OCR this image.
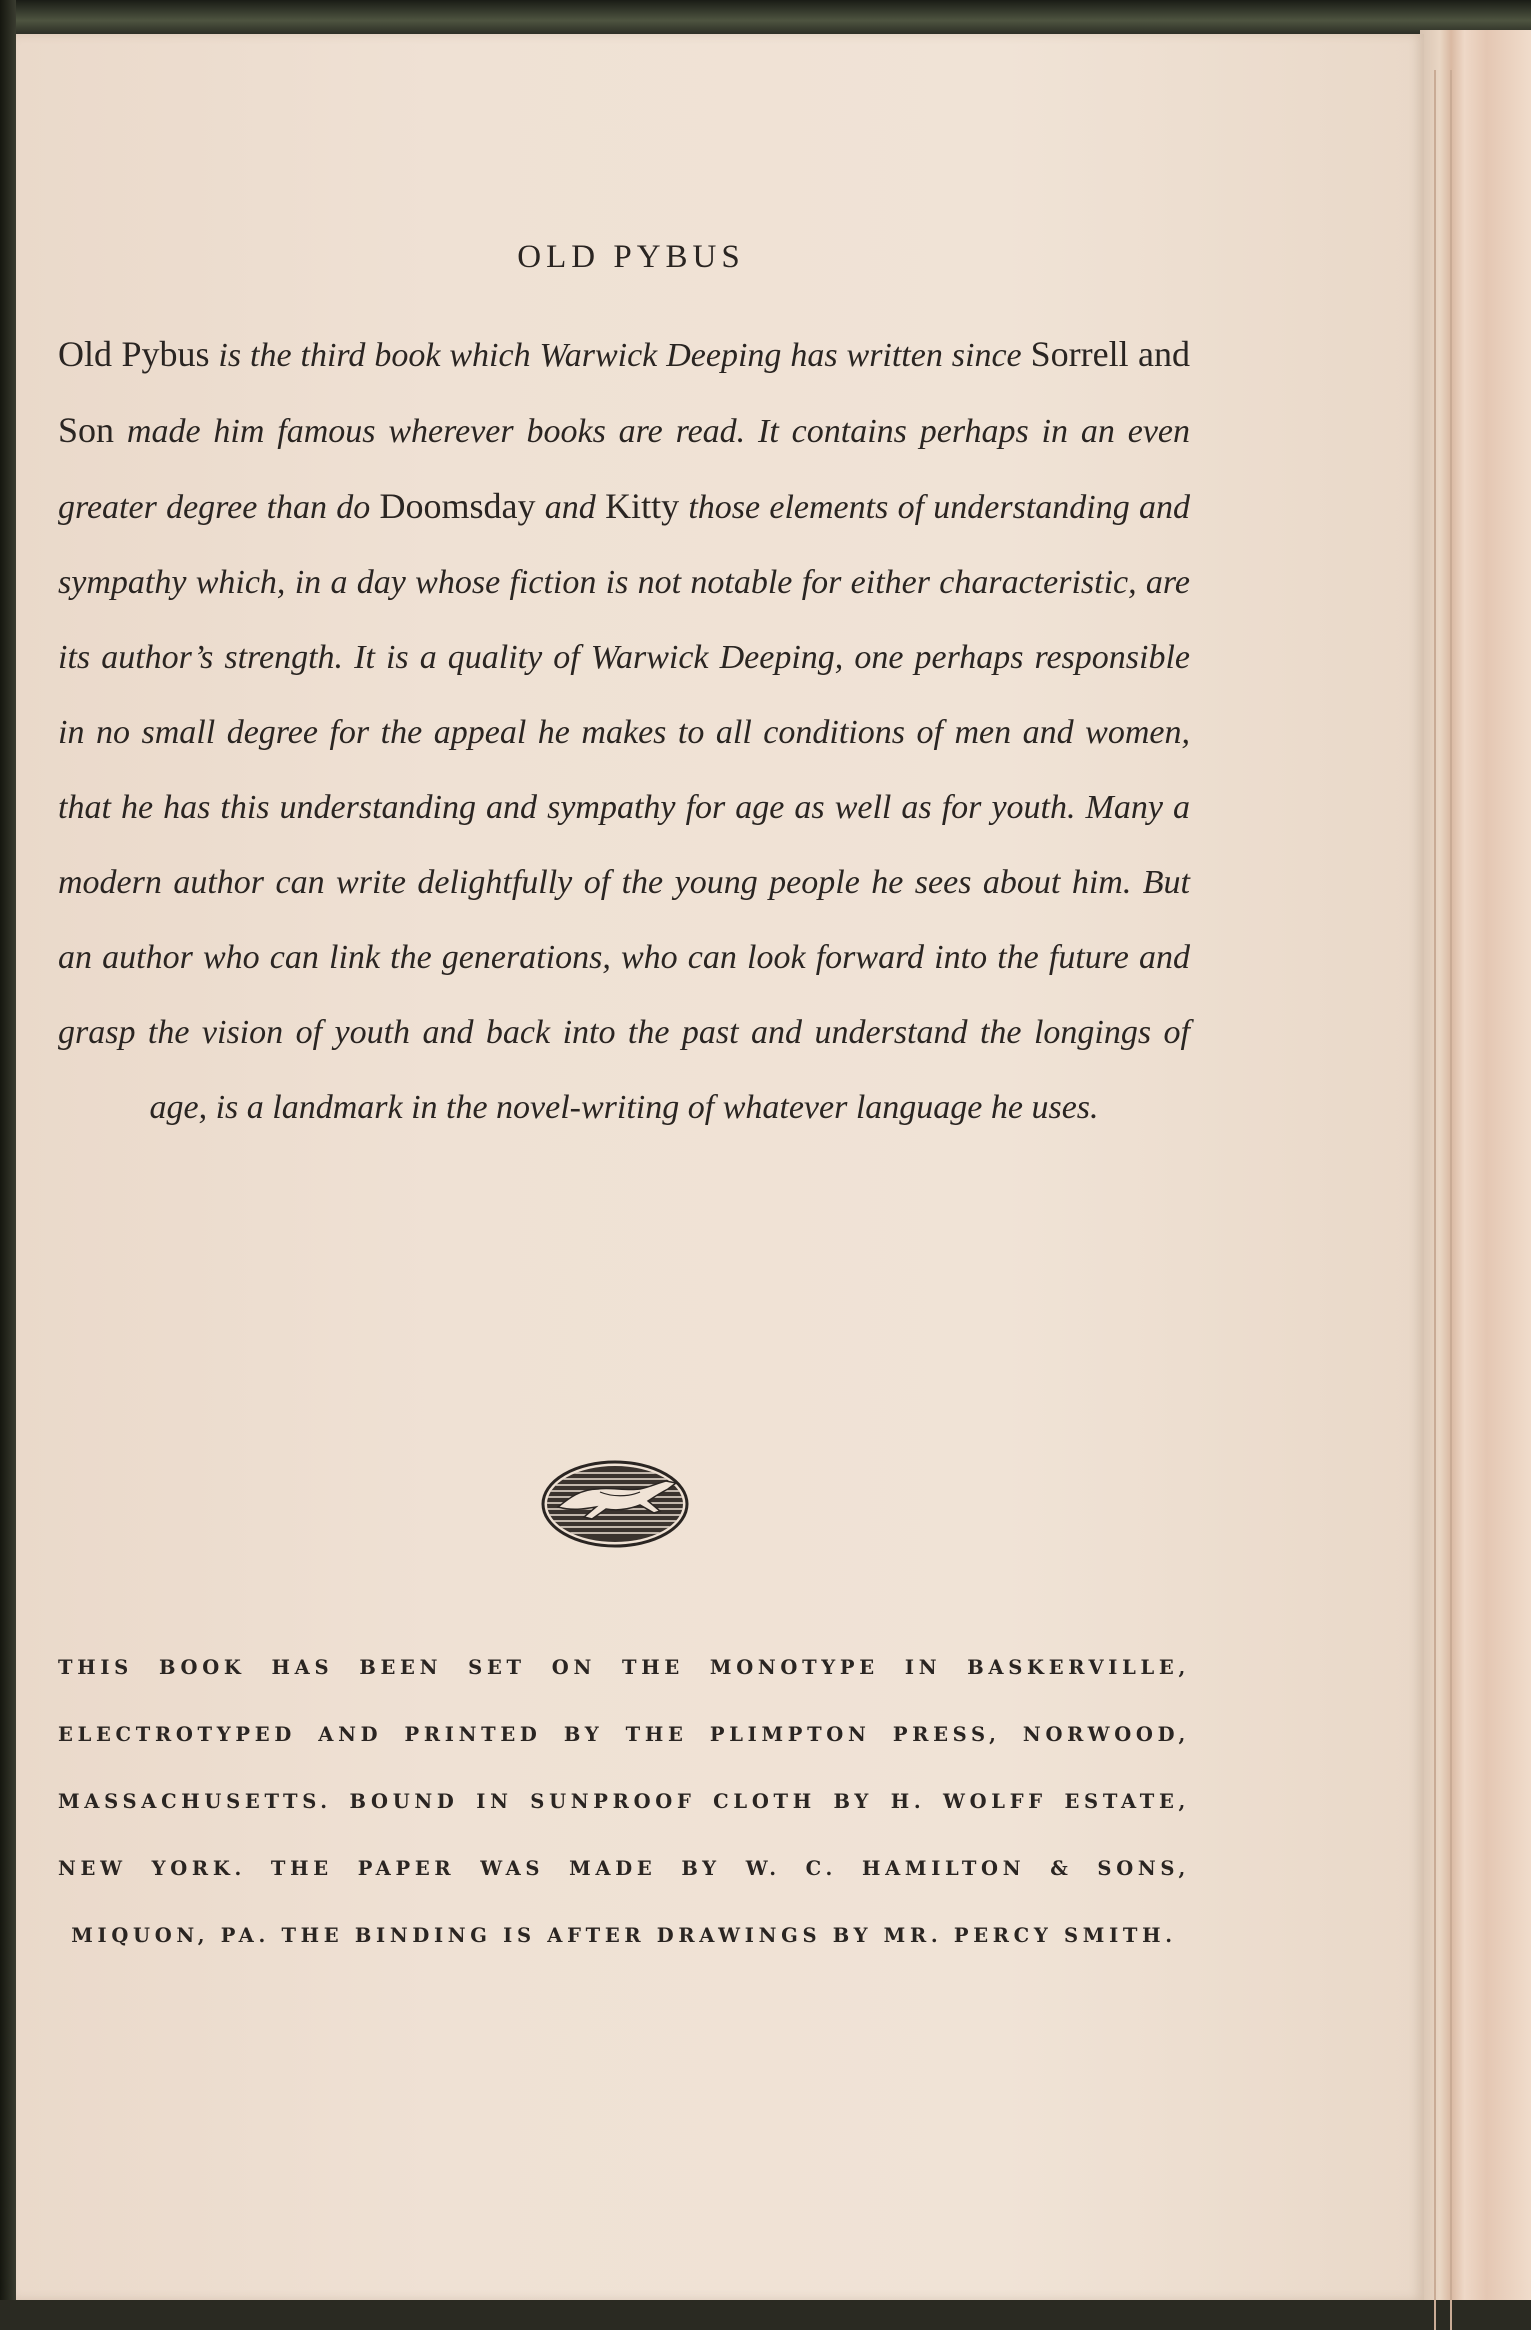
OLD PYBUS

Old Pybus is the third book which Warwick Deeping has written since Sorrell and Son made him famous wherever books are read. It contains perhaps in an even greater degree than do Doomsday and Kitty those elements of understanding and sympathy which, in a day whose fiction is not notable for either characteristic, are its author’s strength. It is a quality of Warwick Deeping, one perhaps responsible in no small degree for the appeal he makes to all conditions of men and women, that he has this understanding and sympathy for age as well as for youth. Many a modern author can write delightfully of the young people he sees about him. But an author who can link the generations, who can look forward into the future and grasp the vision of youth and back into the past and understand the longings of age, is a landmark in the novel-writing of whatever language he uses.

THIS BOOK HAS BEEN SET ON THE MONOTYPE IN BASKERVILLE, ELECTROTYPED AND PRINTED BY THE PLIMPTON PRESS, NORWOOD, MASSACHUSETTS. BOUND IN SUNPROOF CLOTH BY H. WOLFF ESTATE, NEW YORK. THE PAPER WAS MADE BY W. C. HAMILTON & SONS, MIQUON, PA. THE BINDING IS AFTER DRAWINGS BY MR. PERCY SMITH.
